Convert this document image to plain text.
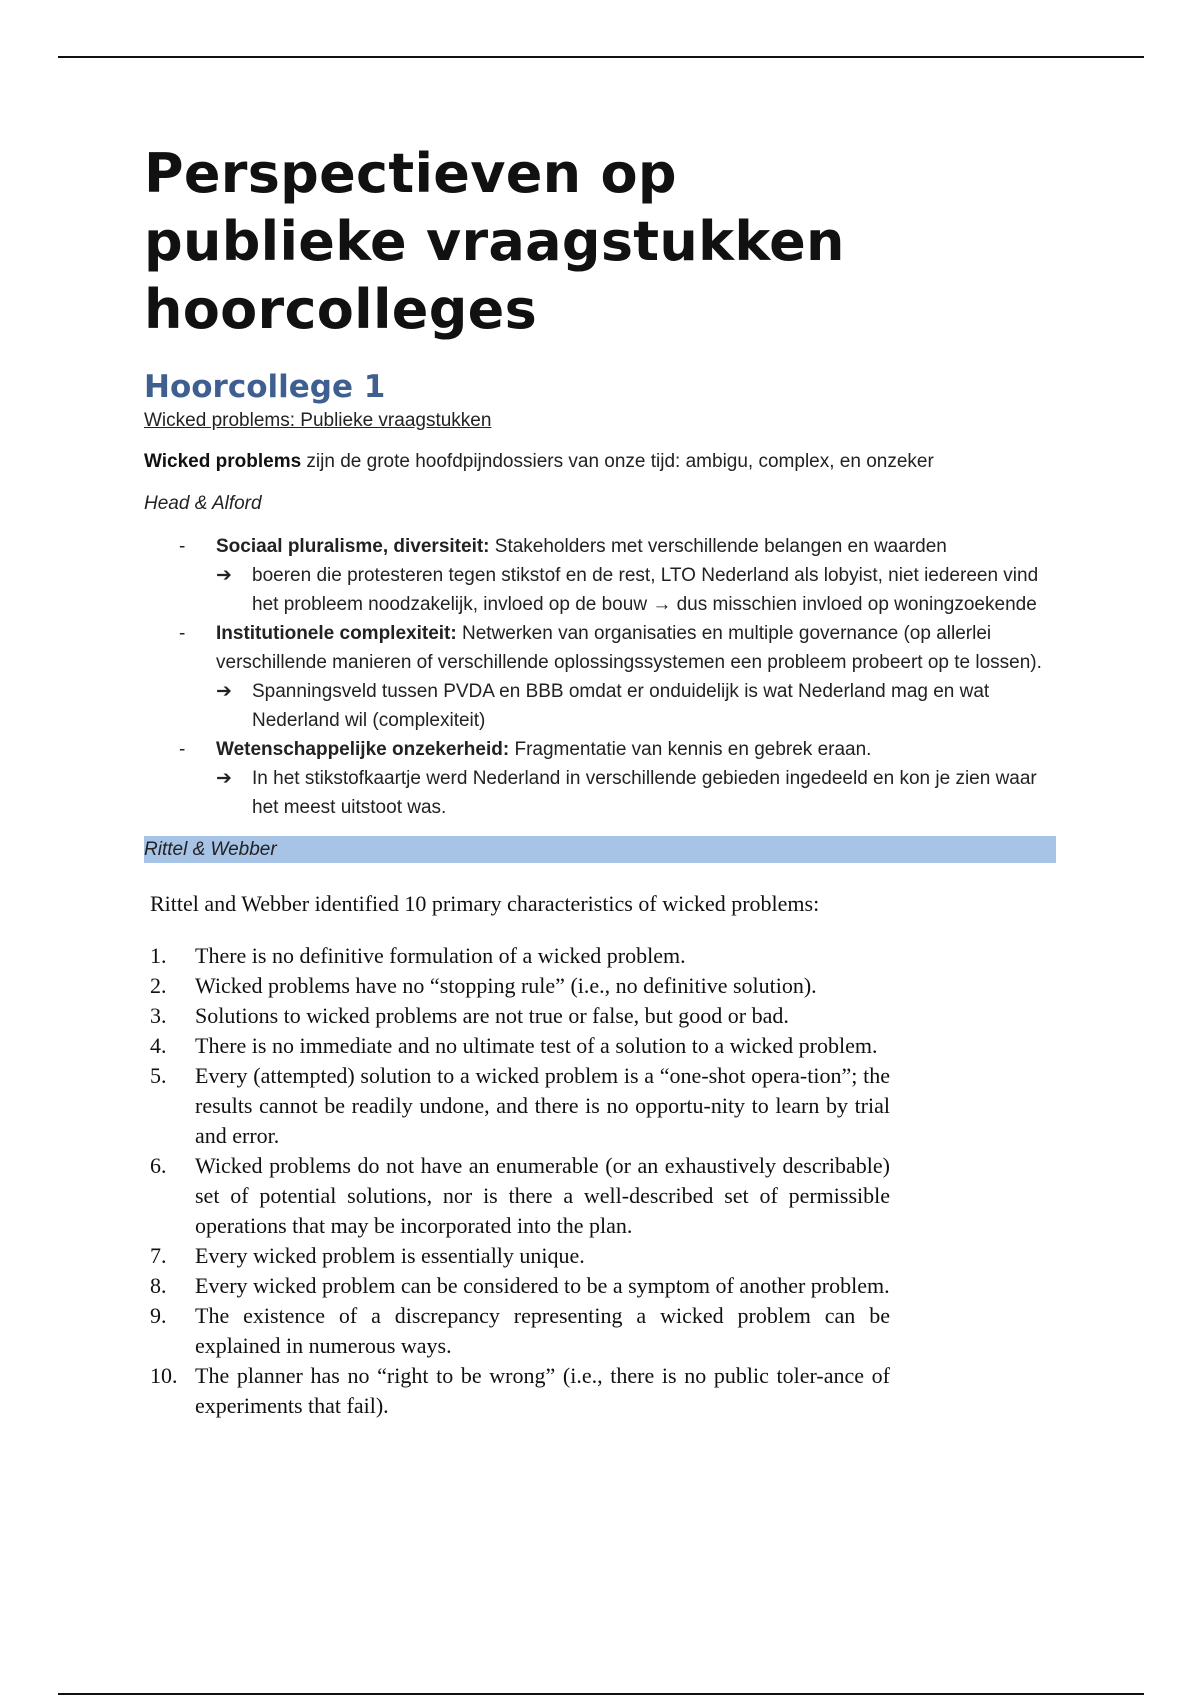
Perspectieven op publieke vraagstukken hoorcolleges
Hoorcollege 1
Wicked problems: Publieke vraagstukken

Wicked problems zijn de grote hoofdpijndossiers van onze tijd: ambigu, complex, en onzeker

Head & Alford

- Sociaal pluralisme, diversiteit: Stakeholders met verschillende belangen en waarden
➔ boeren die protesteren tegen stikstof en de rest, LTO Nederland als lobyist, niet iedereen vind het probleem noodzakelijk, invloed op de bouw → dus misschien invloed op woningzoekende
- Institutionele complexiteit: Netwerken van organisaties en multiple governance (op allerlei verschillende manieren of verschillende oplossingssystemen een probleem probeert op te lossen).
➔ Spanningsveld tussen PVDA en BBB omdat er onduidelijk is wat Nederland mag en wat Nederland wil (complexiteit)
- Wetenschappelijke onzekerheid: Fragmentatie van kennis en gebrek eraan.
➔ In het stikstofkaartje werd Nederland in verschillende gebieden ingedeeld en kon je zien waar het meest uitstoot was.
Rittel & Webber

Rittel and Webber identified 10 primary characteristics of wicked problems:

1. There is no definitive formulation of a wicked problem.
2. Wicked problems have no “stopping rule” (i.e., no definitive solution).
3. Solutions to wicked problems are not true or false, but good or bad.
4. There is no immediate and no ultimate test of a solution to a wicked problem.
5. Every (attempted) solution to a wicked problem is a “one-shot opera-tion”; the results cannot be readily undone, and there is no opportu-nity to learn by trial and error.
6. Wicked problems do not have an enumerable (or an exhaustively describable) set of potential solutions, nor is there a well-described set of permissible operations that may be incorporated into the plan.
7. Every wicked problem is essentially unique.
8. Every wicked problem can be considered to be a symptom of another problem.
9. The existence of a discrepancy representing a wicked problem can be explained in numerous ways.
10. The planner has no “right to be wrong” (i.e., there is no public toler-ance of experiments that fail).
